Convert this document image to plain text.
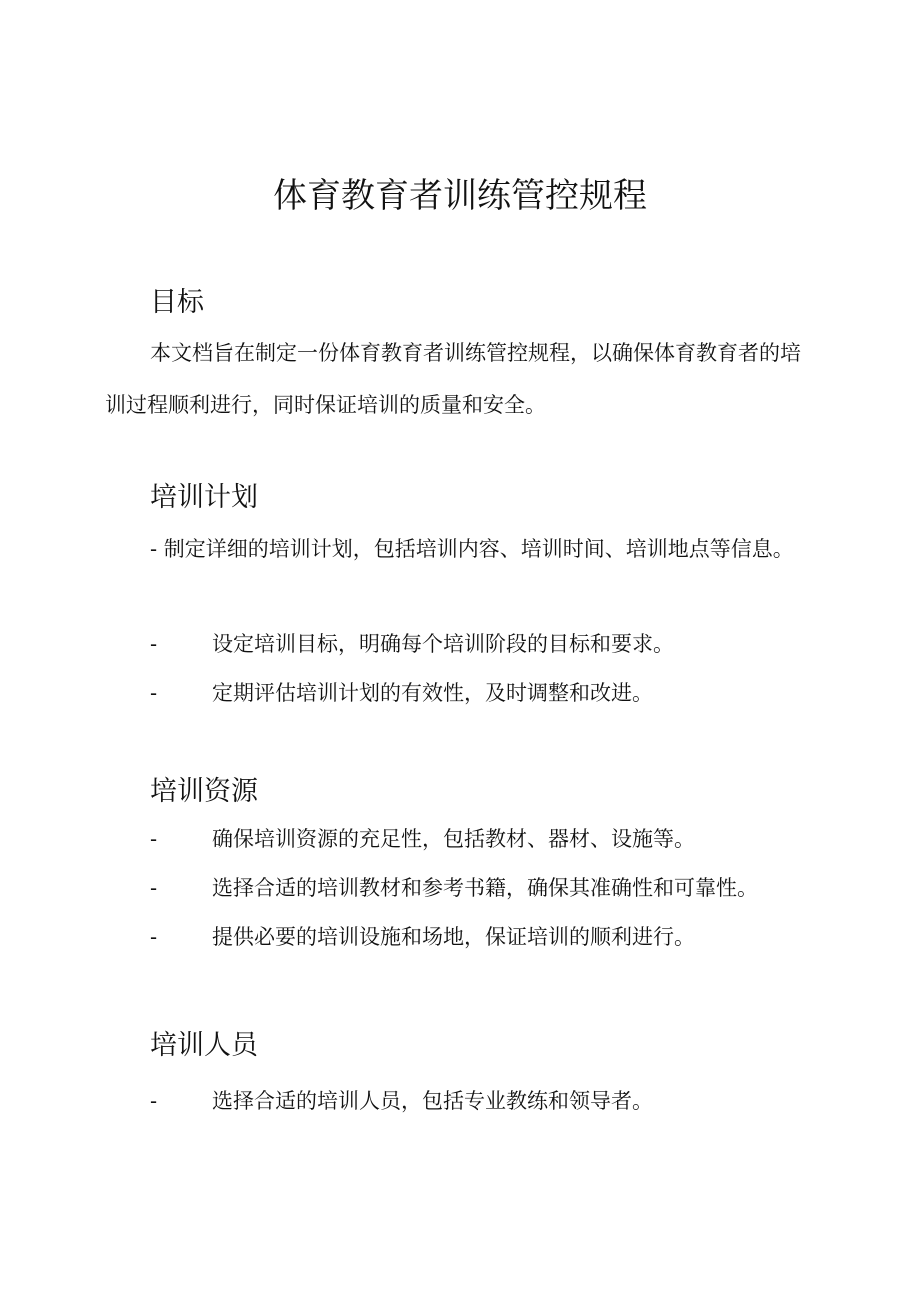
体育教育者训练管控规程
目标

本文档旨在制定一份体育教育者训练管控规程，以确保体育教育者的培训过程顺利进行，同时保证培训的质量和安全。

培训计划

- 制定详细的培训计划，包括培训内容、培训时间、培训地点等信息。

-	设定培训目标，明确每个培训阶段的目标和要求。
-	定期评估培训计划的有效性，及时调整和改进。
培训资源
-	确保培训资源的充足性，包括教材、器材、设施等。
-	选择合适的培训教材和参考书籍，确保其准确性和可靠性。
-	提供必要的培训设施和场地，保证培训的顺利进行。
培训人员
-	选择合适的培训人员，包括专业教练和领导者。
